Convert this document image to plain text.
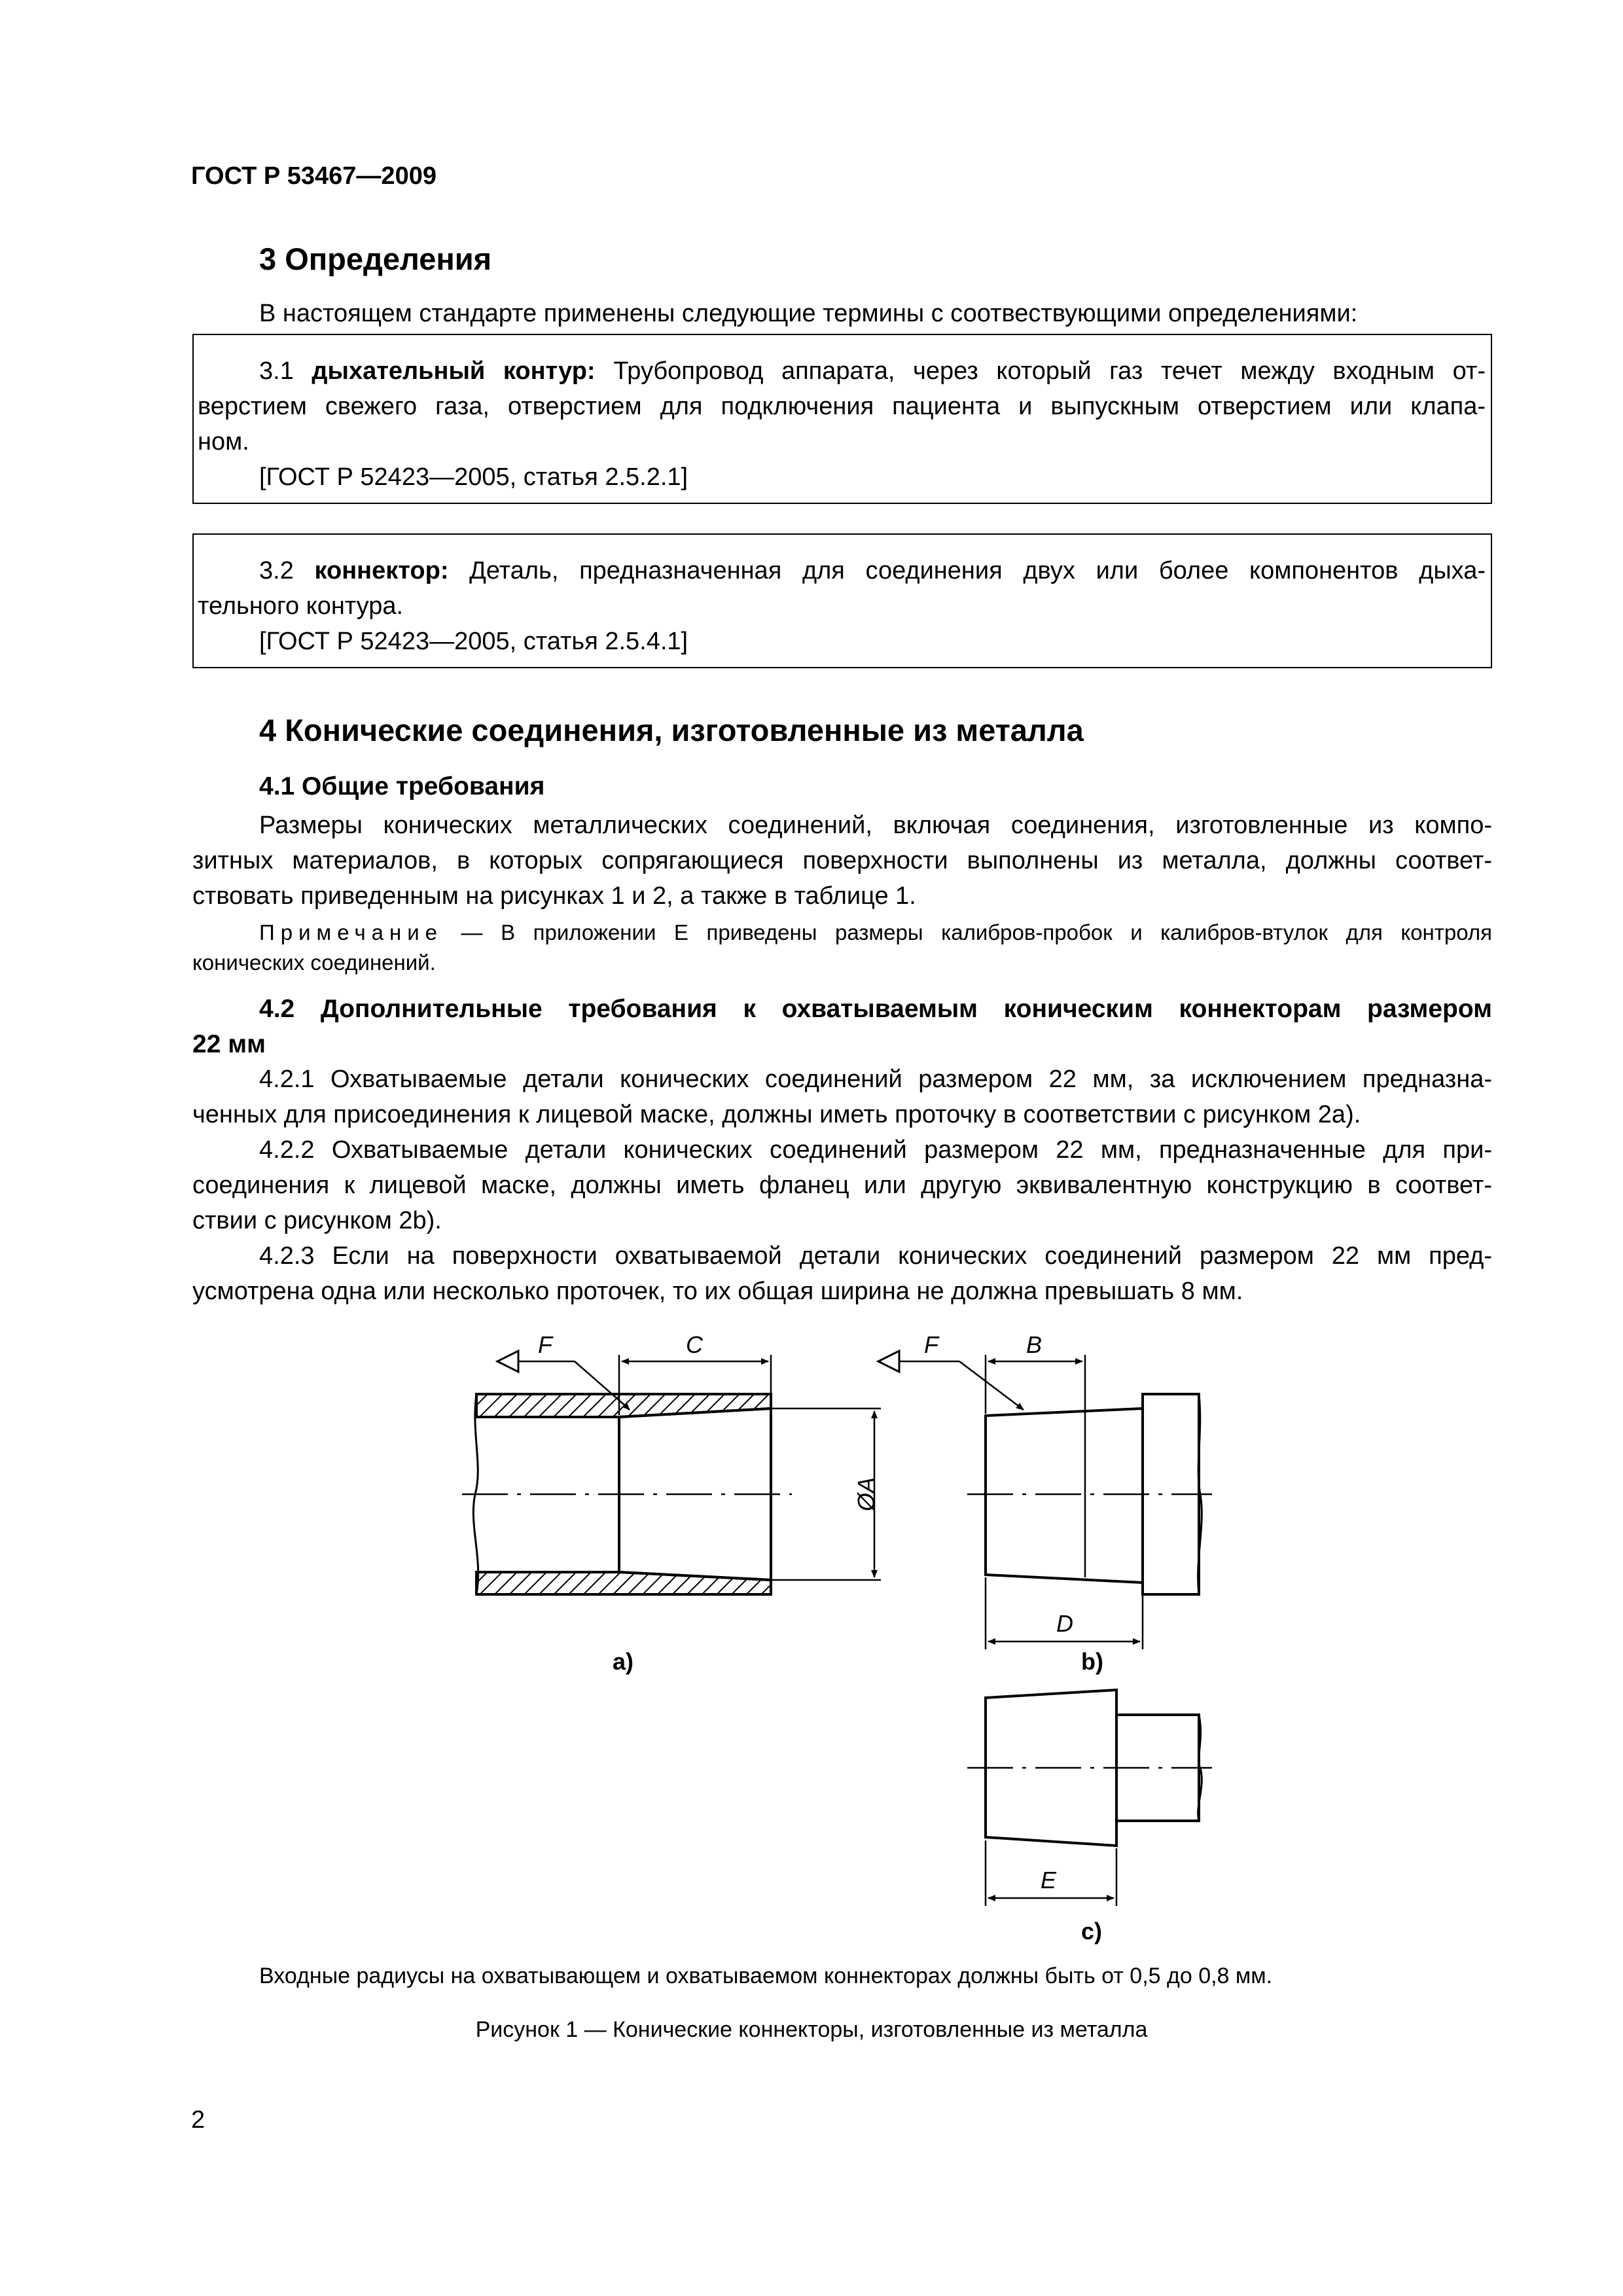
ГОСТ Р 53467—2009
3 Определения
В настоящем стандарте применены следующие термины с соотвествующими определениями:
3.1 дыхательный контур: Трубопровод аппарата, через который газ течет между входным от-
верстием свежего газа, отверстием для подключения пациента и выпускным отверстием или клапа-
ном.
[ГОСТ Р 52423—2005, статья 2.5.2.1]
3.2 коннектор: Деталь, предназначенная для соединения двух или более компонентов дыха-
тельного контура.
[ГОСТ Р 52423—2005, статья 2.5.4.1]
4 Конические соединения, изготовленные из металла
4.1 Общие требования
Размеры конических металлических соединений, включая соединения, изготовленные из компо-
зитных материалов, в которых сопрягающиеся поверхности выполнены из металла, должны соответ-
ствовать приведенным на рисунках 1 и 2, а также в таблице 1.
Примечание — В приложении Е приведены размеры калибров-пробок и калибров-втулок для контроля
конических соединений.
4.2 Дополнительные требования к охватываемым коническим коннекторам размером
22 мм
4.2.1 Охватываемые детали конических соединений размером 22 мм, за исключением предназна-
ченных для присоединения к лицевой маске, должны иметь проточку в соответствии с рисунком 2а).
4.2.2 Охватываемые детали конических соединений размером 22 мм, предназначенные для при-
соединения к лицевой маске, должны иметь фланец или другую эквивалентную конструкцию в соответ-
ствии с рисунком 2b).
4.2.3 Если на поверхности охватываемой детали конических соединений размером 22 мм пред-
усмотрена одна или несколько проточек, то их общая ширина не должна превышать 8 мм.
F	C	F	B
ØA
D
E
a)	b)
c)
Входные радиусы на охватывающем и охватываемом коннекторах должны быть от 0,5 до 0,8 мм.
Рисунок 1 — Конические коннекторы, изготовленные из металла
2
